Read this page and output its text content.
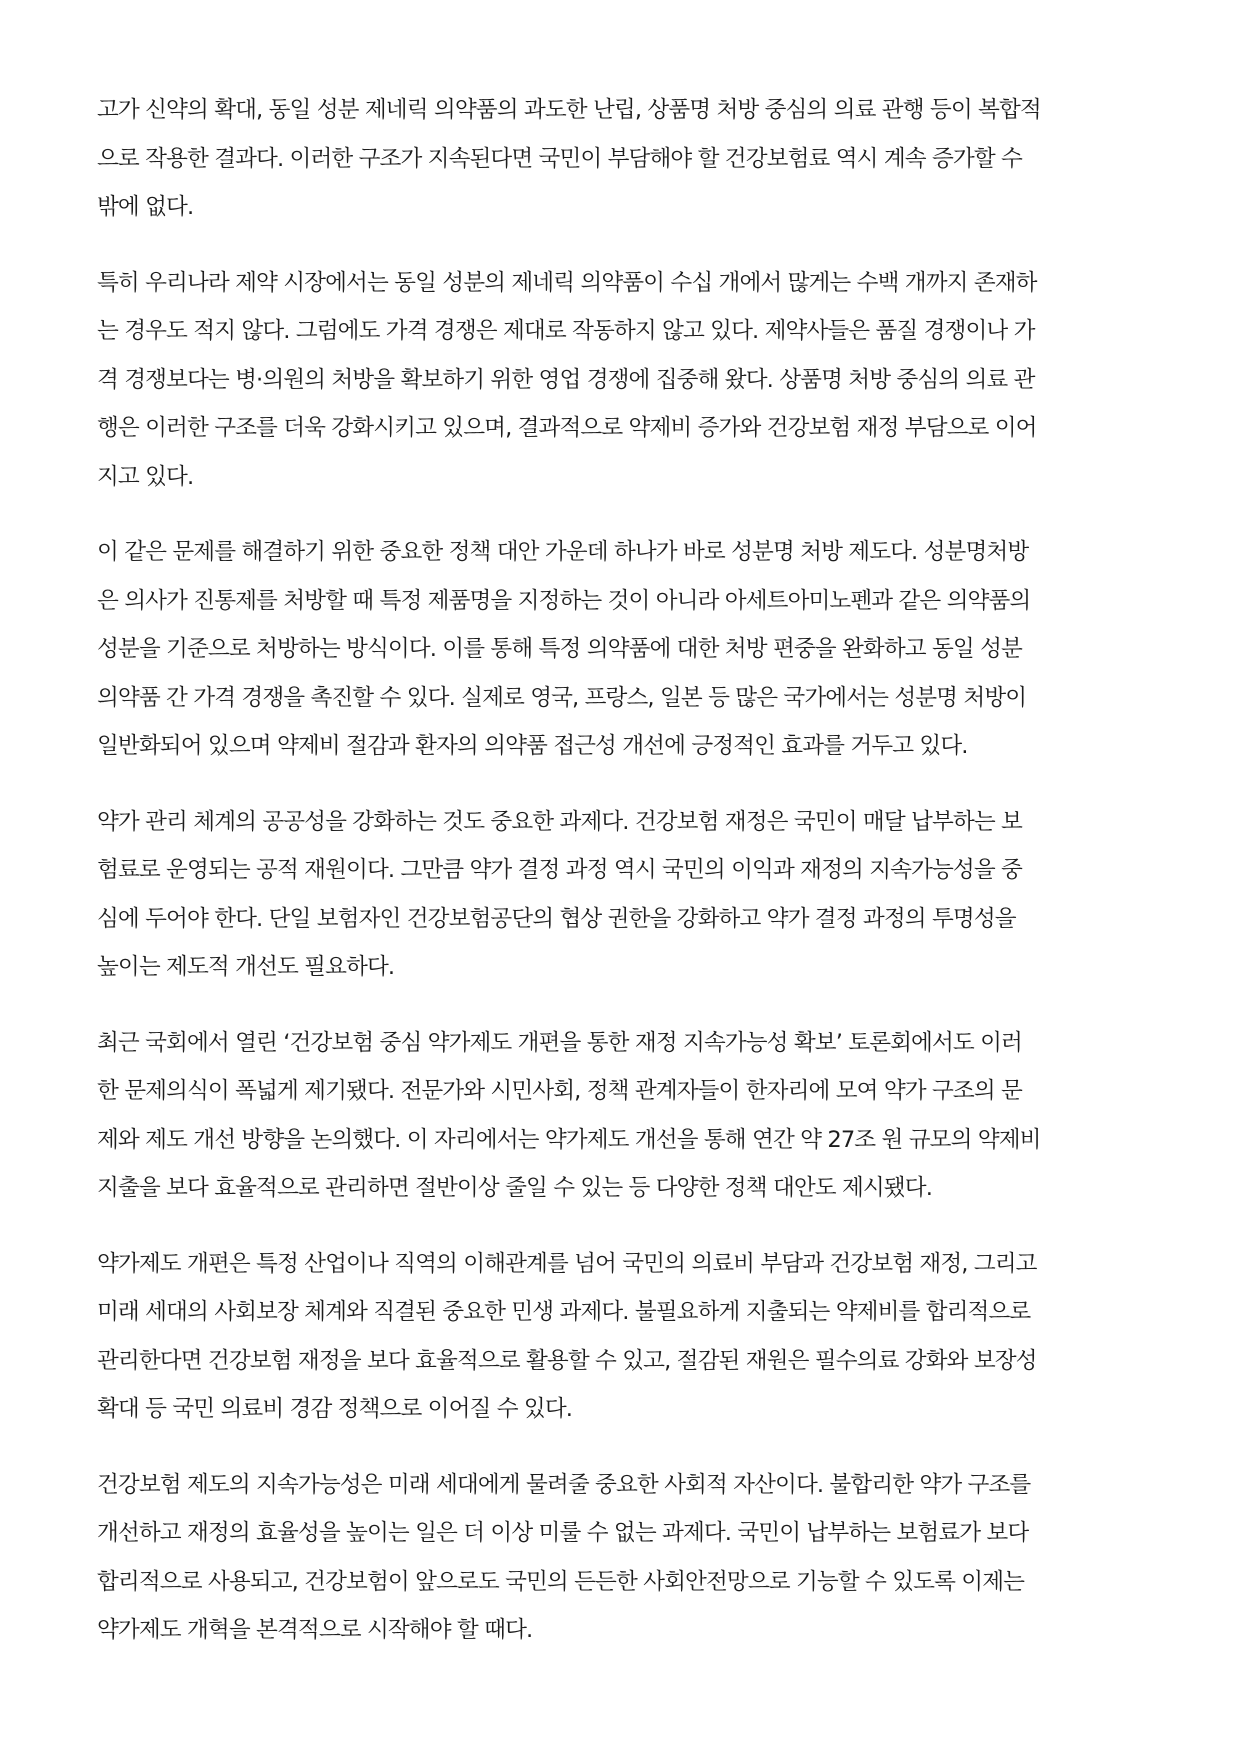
고가 신약의 확대, 동일 성분 제네릭 의약품의 과도한 난립, 상품명 처방 중심의 의료 관행 등이 복합적
으로 작용한 결과다. 이러한 구조가 지속된다면 국민이 부담해야 할 건강보험료 역시 계속 증가할 수
밖에 없다.

특히 우리나라 제약 시장에서는 동일 성분의 제네릭 의약품이 수십 개에서 많게는 수백 개까지 존재하
는 경우도 적지 않다. 그럼에도 가격 경쟁은 제대로 작동하지 않고 있다. 제약사들은 품질 경쟁이나 가
격 경쟁보다는 병·의원의 처방을 확보하기 위한 영업 경쟁에 집중해 왔다. 상품명 처방 중심의 의료 관
행은 이러한 구조를 더욱 강화시키고 있으며, 결과적으로 약제비 증가와 건강보험 재정 부담으로 이어
지고 있다.

이 같은 문제를 해결하기 위한 중요한 정책 대안 가운데 하나가 바로 성분명 처방 제도다. 성분명처방
은 의사가 진통제를 처방할 때 특정 제품명을 지정하는 것이 아니라 아세트아미노펜과 같은 의약품의
성분을 기준으로 처방하는 방식이다. 이를 통해 특정 의약품에 대한 처방 편중을 완화하고 동일 성분
의약품 간 가격 경쟁을 촉진할 수 있다. 실제로 영국, 프랑스, 일본 등 많은 국가에서는 성분명 처방이
일반화되어 있으며 약제비 절감과 환자의 의약품 접근성 개선에 긍정적인 효과를 거두고 있다.

약가 관리 체계의 공공성을 강화하는 것도 중요한 과제다. 건강보험 재정은 국민이 매달 납부하는 보
험료로 운영되는 공적 재원이다. 그만큼 약가 결정 과정 역시 국민의 이익과 재정의 지속가능성을 중
심에 두어야 한다. 단일 보험자인 건강보험공단의 협상 권한을 강화하고 약가 결정 과정의 투명성을
높이는 제도적 개선도 필요하다.

최근 국회에서 열린 ‘건강보험 중심 약가제도 개편을 통한 재정 지속가능성 확보’ 토론회에서도 이러
한 문제의식이 폭넓게 제기됐다. 전문가와 시민사회, 정책 관계자들이 한자리에 모여 약가 구조의 문
제와 제도 개선 방향을 논의했다. 이 자리에서는 약가제도 개선을 통해 연간 약 27조 원 규모의 약제비
지출을 보다 효율적으로 관리하면 절반이상 줄일 수 있는 등 다양한 정책 대안도 제시됐다.

약가제도 개편은 특정 산업이나 직역의 이해관계를 넘어 국민의 의료비 부담과 건강보험 재정, 그리고
미래 세대의 사회보장 체계와 직결된 중요한 민생 과제다. 불필요하게 지출되는 약제비를 합리적으로
관리한다면 건강보험 재정을 보다 효율적으로 활용할 수 있고, 절감된 재원은 필수의료 강화와 보장성
확대 등 국민 의료비 경감 정책으로 이어질 수 있다.

건강보험 제도의 지속가능성은 미래 세대에게 물려줄 중요한 사회적 자산이다. 불합리한 약가 구조를
개선하고 재정의 효율성을 높이는 일은 더 이상 미룰 수 없는 과제다. 국민이 납부하는 보험료가 보다
합리적으로 사용되고, 건강보험이 앞으로도 국민의 든든한 사회안전망으로 기능할 수 있도록 이제는
약가제도 개혁을 본격적으로 시작해야 할 때다.
